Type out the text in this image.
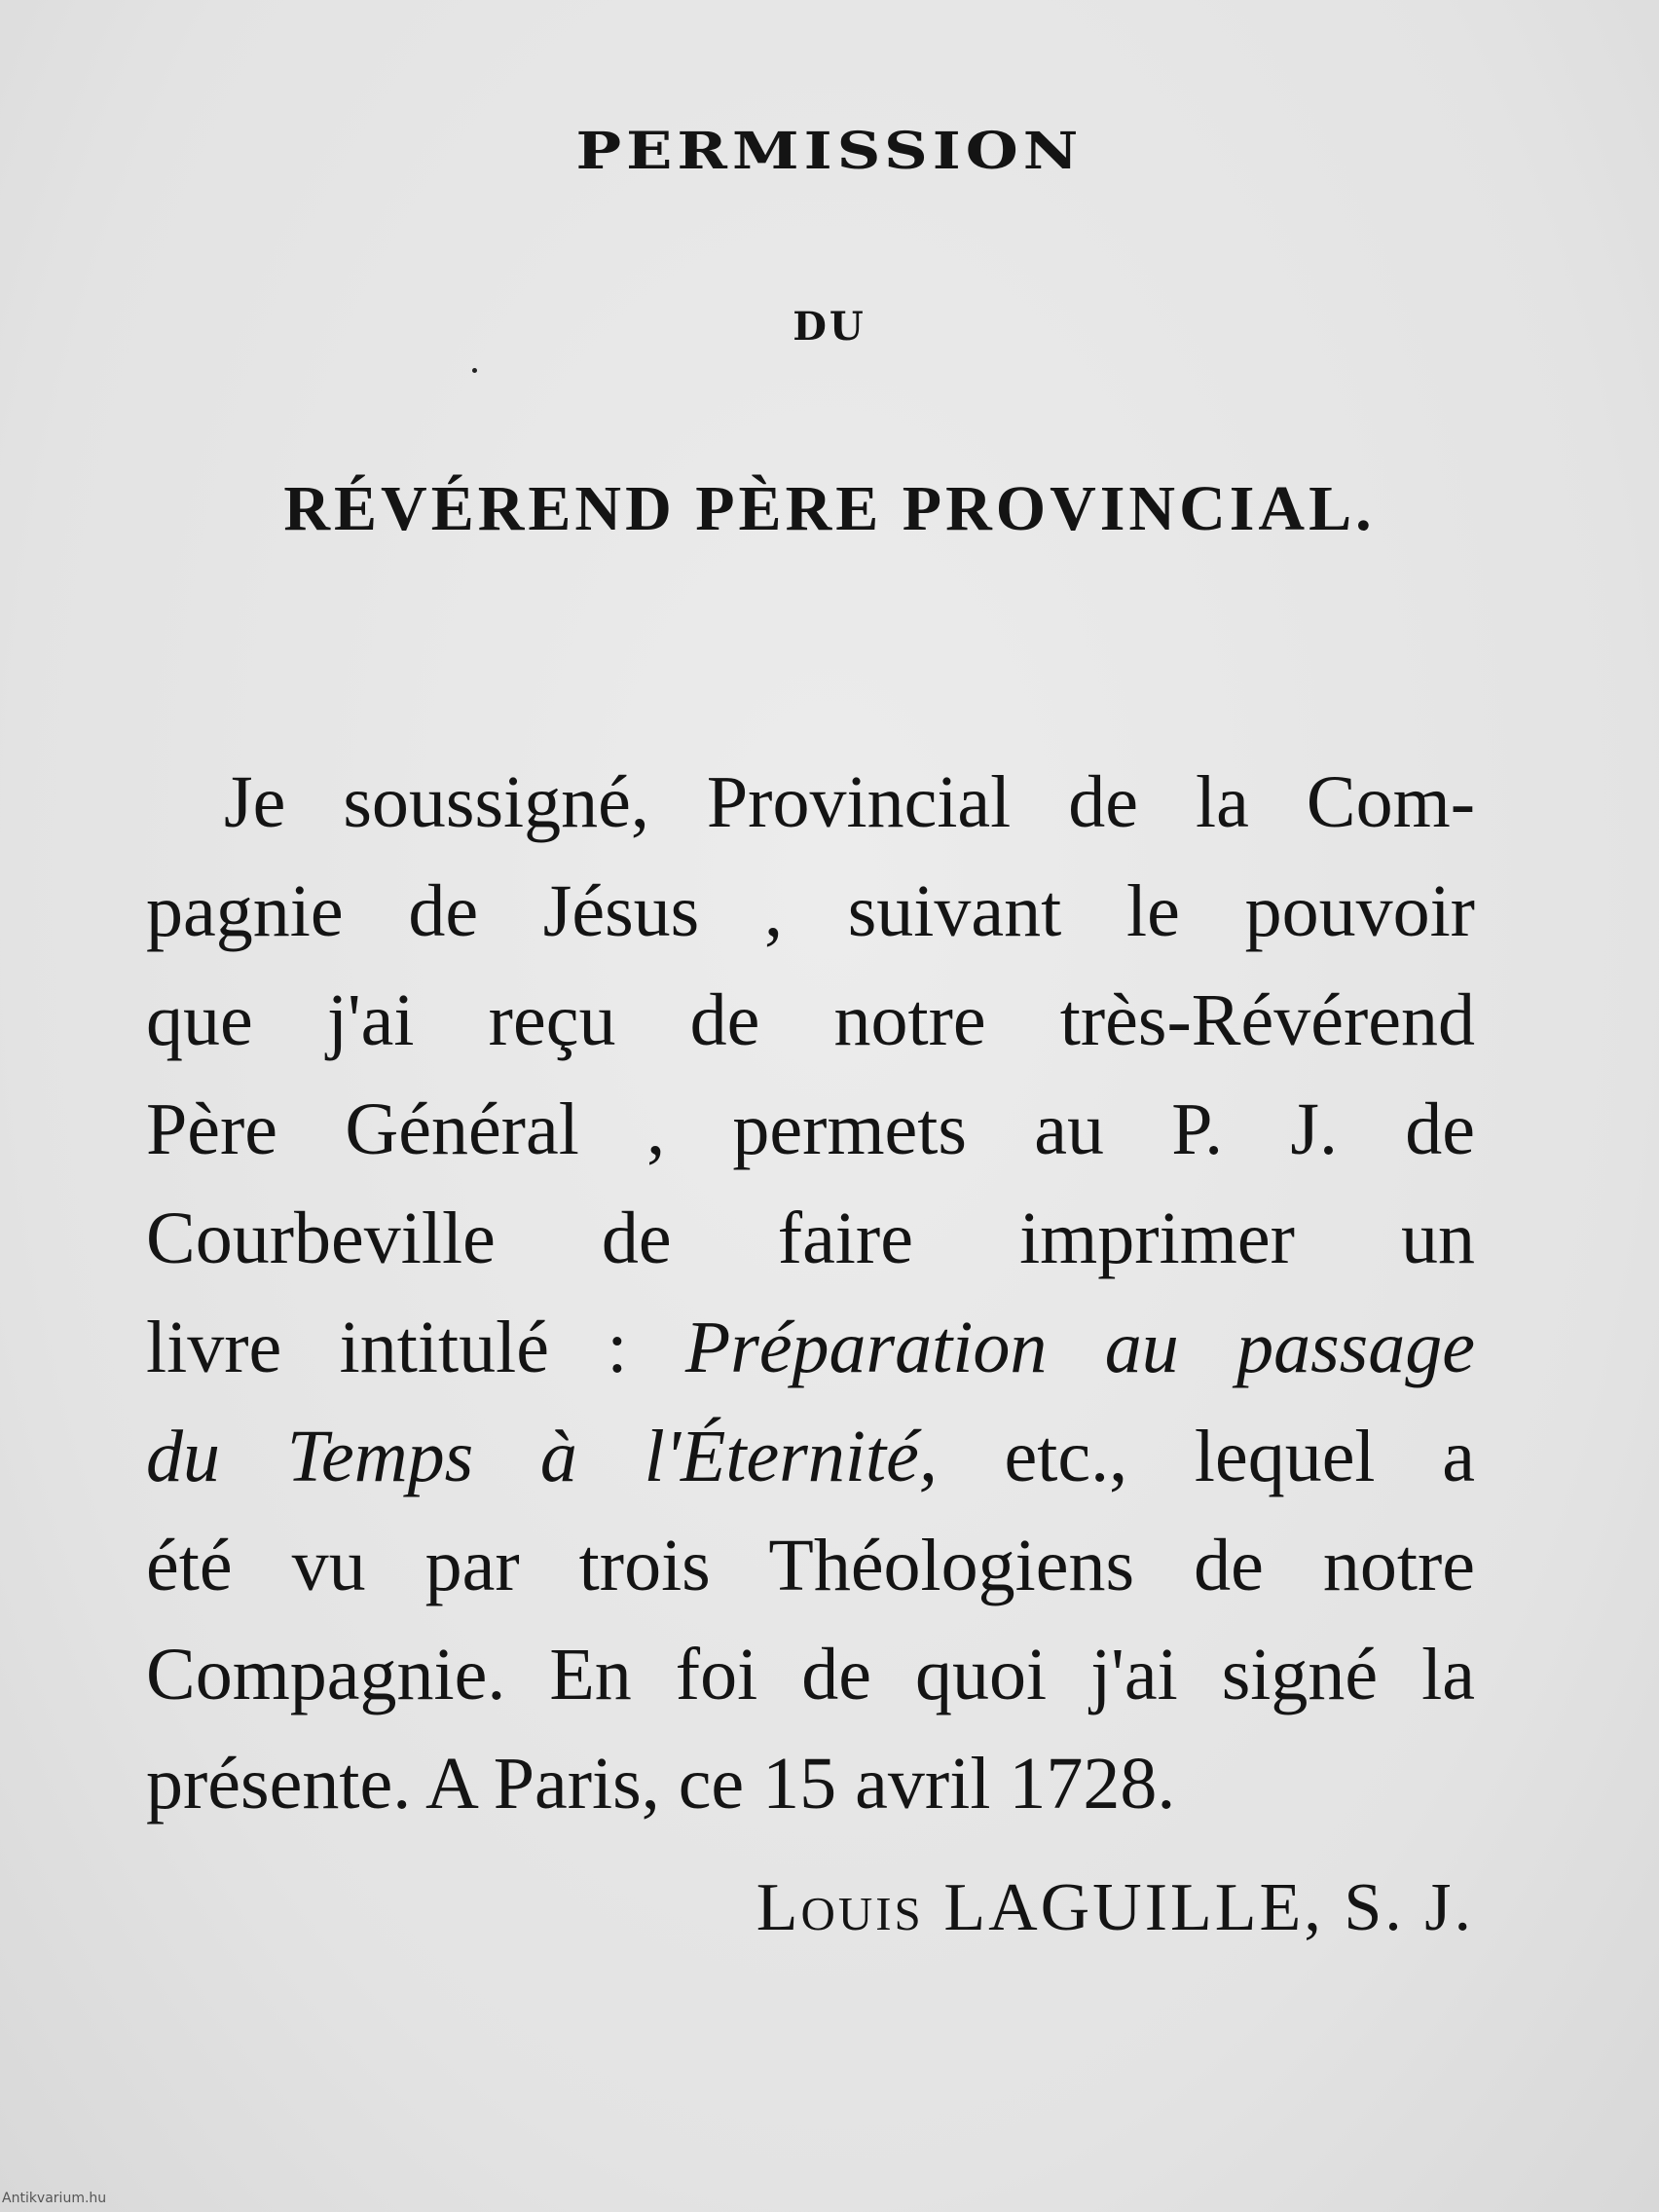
PERMISSION
DU
RÉVÉREND PÈRE PROVINCIAL.
Je soussigné, Provincial de la Com-
pagnie de Jésus , suivant le pouvoir
que j'ai reçu de notre très-Révérend
Père Général , permets au P. J. de
Courbeville de faire imprimer un
livre intitulé : Préparation au passage
du Temps à l'Éternité, etc., lequel a
été vu par trois Théologiens de notre
Compagnie. En foi de quoi j'ai signé la
présente. A Paris, ce 15 avril 1728.
Louis LAGUILLE, S. J.
Antikvarium.hu
